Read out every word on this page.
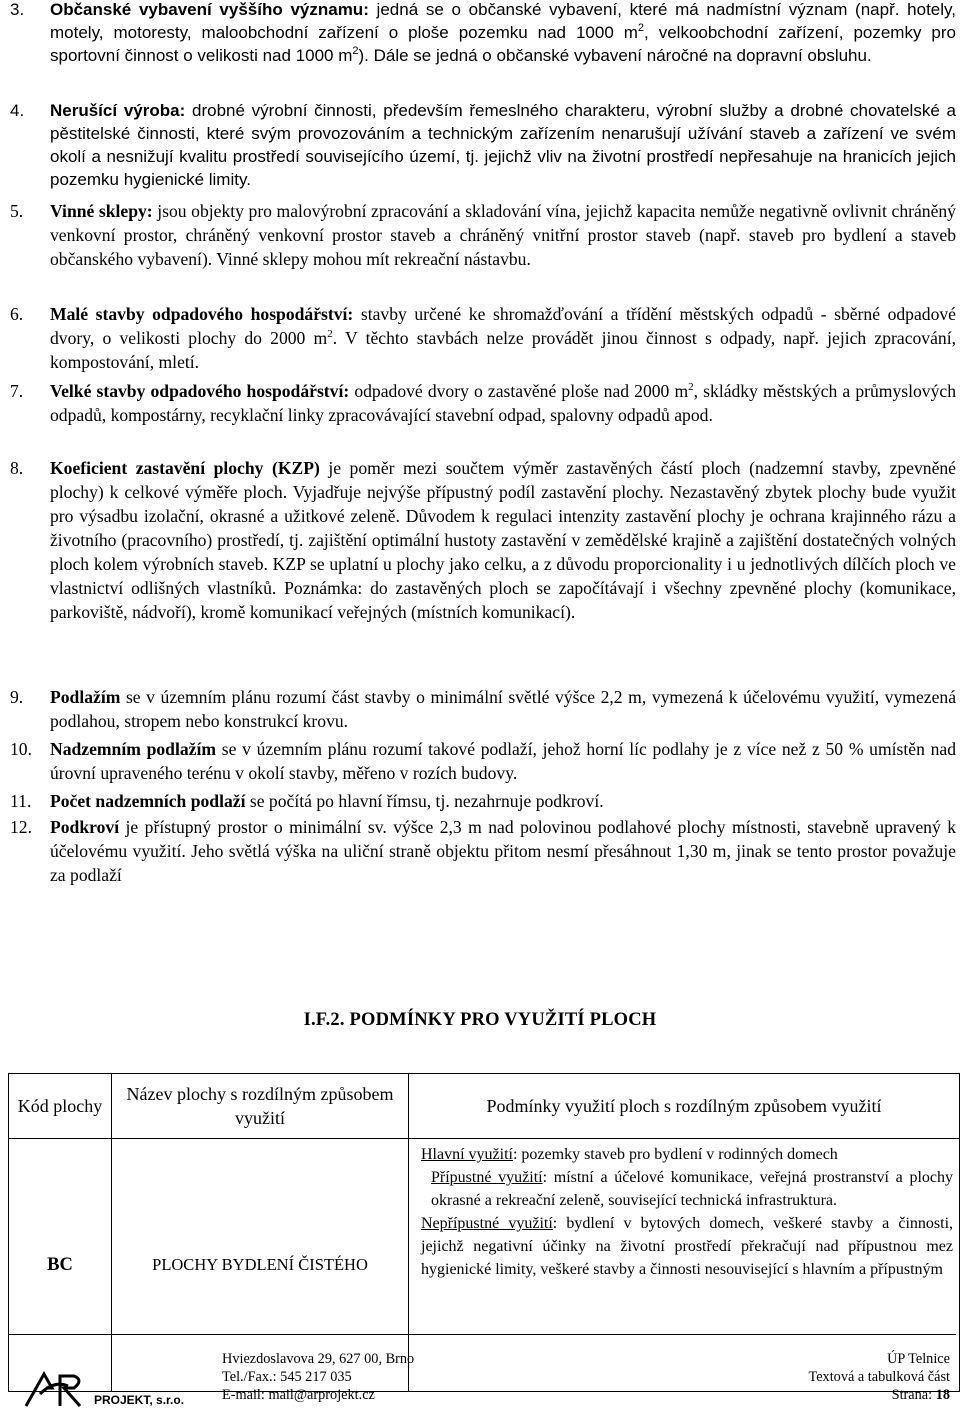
3.	Občanské vybavení vyššího významu: jedná se o občanské vybavení, které má nadmístní význam (např. hotely, motely, motoresty, maloobchodní zařízení o ploše pozemku nad 1000 $m^2$, velkoobchodní zařízení, pozemky pro sportovní činnost o velikosti nad 1000 $m^2$). Dále se jedná o občanské vybavení náročné na dopravní obsluhu.
4.	Nerušící výroba: drobné výrobní činnosti, především řemeslného charakteru, výrobní služby a drobné chovatelské a pěstitelské činnosti, které svým provozováním a technickým zařízením nenarušují užívání staveb a zařízení ve svém okolí a nesnižují kvalitu prostředí souvisejícího území, tj. jejichž vliv na životní prostředí nepřesahuje na hranicích jejich pozemku hygienické limity.
5.	Vinné sklepy: jsou objekty pro malovýrobní zpracování a skladování vína, jejichž kapacita nemůže negativně ovlivnit chráněný venkovní prostor, chráněný venkovní prostor staveb a chráněný vnitřní prostor staveb (např. staveb pro bydlení a staveb občanského vybavení). Vinné sklepy mohou mít rekreační nástavbu.
6.	Malé stavby odpadového hospodářství: stavby určené ke shromažďování a třídění městských odpadů - sběrné odpadové dvory, o velikosti plochy do 2000 $m^2$. V těchto stavbách nelze provádět jinou činnost s odpady, např. jejich zpracování, kompostování, mletí.
7.	Velké stavby odpadového hospodářství: odpadové dvory o zastavěné ploše nad 2000 $m^2$, skládky městských a průmyslových odpadů, kompostárny, recyklační linky zpracovávající stavební odpad, spalovny odpadů apod.
8.	Koeficient zastavění plochy (KZP) je poměr mezi součtem výměr zastavěných částí ploch (nadzemní stavby, zpevněné plochy) k celkové výměře ploch. Vyjadřuje nejvýše přípustný podíl zastavění plochy. Nezastavěný zbytek plochy bude využit pro výsadbu izolační, okrasné a užitkové zeleně. Důvodem k regulaci intenzity zastavění plochy je ochrana krajinného rázu a životního (pracovního) prostředí, tj. zajištění optimální hustoty zastavění v zemědělské krajině a zajištění dostatečných volných ploch kolem výrobních staveb. KZP se uplatní u plochy jako celku, a z důvodu proporcionality i u jednotlivých dílčích ploch ve vlastnictví odlišných vlastníků. Poznámka: do zastavěných ploch se započítávají i všechny zpevněné plochy (komunikace, parkoviště, nádvoří), kromě komunikací veřejných (místních komunikací).
9.	Podlažím se v územním plánu rozumí část stavby o minimální světlé výšce 2,2 m, vymezená k účelovému využití, vymezená podlahou, stropem nebo konstrukcí krovu.
10.	Nadzemním podlažím se v územním plánu rozumí takové podlaží, jehož horní líc podlahy je z více než z 50 % umístěn nad úrovní upraveného terénu v okolí stavby, měřeno v rozích budovy.
11.	Počet nadzemních podlaží se počítá po hlavní římsu, tj. nezahrnuje podkroví.
12.	Podkroví je přístupný prostor o minimální sv. výšce 2,3 m nad polovinou podlahové plochy místnosti, stavebně upravený k účelovému využití. Jeho světlá výška na uliční straně objektu přitom nesmí přesáhnout 1,30 m, jinak se tento prostor považuje za podlaží
I.F.2. PODMÍNKY PRO VYUŽITÍ PLOCH
Kód plochy	Název plochy s rozdílným způsobem využití	Podmínky využití ploch s rozdílným způsobem využití
BC	PLOCHY BYDLENÍ ČISTÉHO	Hlavní využití: pozemky staveb pro bydlení v rodinných domech
Přípustné využití: místní a účelové komunikace, veřejná prostranství a plochy okrasné a rekreační zeleně, související technická infrastruktura.
Nepřípustné využití: bydlení v bytových domech, veškeré stavby a činnosti, jejichž negativní účinky na životní prostředí překračují nad přípustnou mez hygienické limity, veškeré stavby a činnosti nesouvisející s hlavním a přípustným
PROJEKT, s.r.o.
Hviezdoslavova 29, 627 00, Brno
Tel./Fax.: 545 217 035
E-mail: mail@arprojekt.cz
ÚP Telnice
Textová a tabulková část
Strana: 18
